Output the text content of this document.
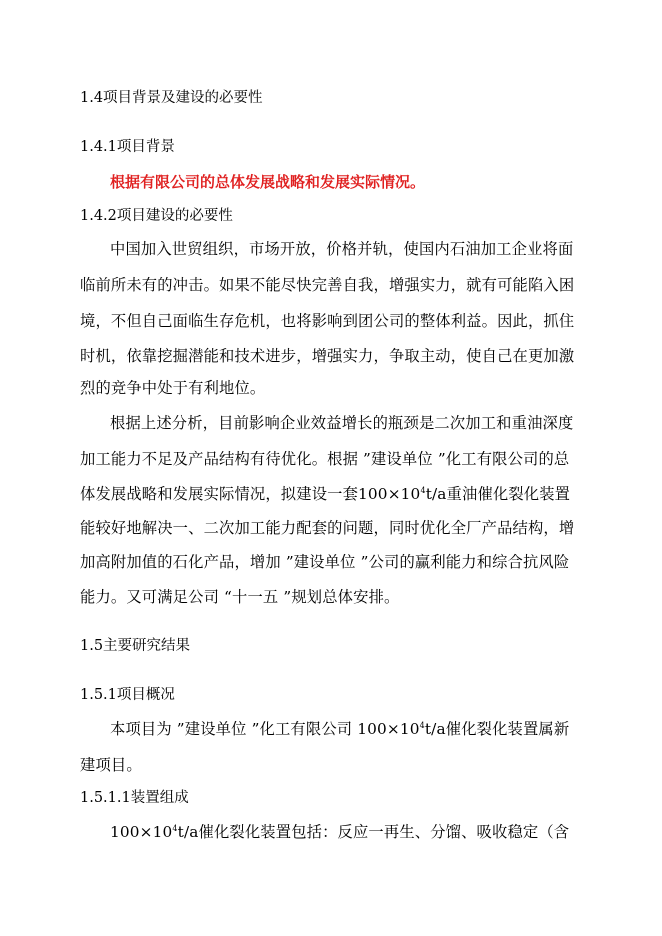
1.4项目背景及建设的必要性
1.4.1项目背景
根据有限公司的总体发展战略和发展实际情况。
1.4.2项目建设的必要性
中国加入世贸组织，市场开放，价格并轨，使国内石油加工企业将面
临前所未有的冲击。如果不能尽快完善自我，增强实力，就有可能陷入困
境，不但自己面临生存危机，也将影响到团公司的整体利益。因此，抓住
时机，依靠挖掘潜能和技术进步，增强实力，争取主动，使自己在更加激
烈的竞争中处于有利地位。
根据上述分析，目前影响企业效益增长的瓶颈是二次加工和重油深度
加工能力不足及产品结构有待优化。根据 ”建设单位 ”化工有限公司的总
体发展战略和发展实际情况，拟建设一套$100\times 10^4t/a$重油催化裂化装置
能较好地解决一、二次加工能力配套的问题，同时优化全厂产品结构，增
加高附加值的石化产品，增加 ”建设单位 ”公司的赢利能力和综合抗风险
能力。又可满足公司 “十一五 ”规划总体安排。
1.5主要研究结果
1.5.1项目概况
本项目为 ”建设单位 ”化工有限公司 $100\times 10^4t/a$催化裂化装置属新
建项目。
1.5.1.1装置组成
$100\times 10^4t/a$催化裂化装置包括：反应一再生、分馏、吸收稳定（含
